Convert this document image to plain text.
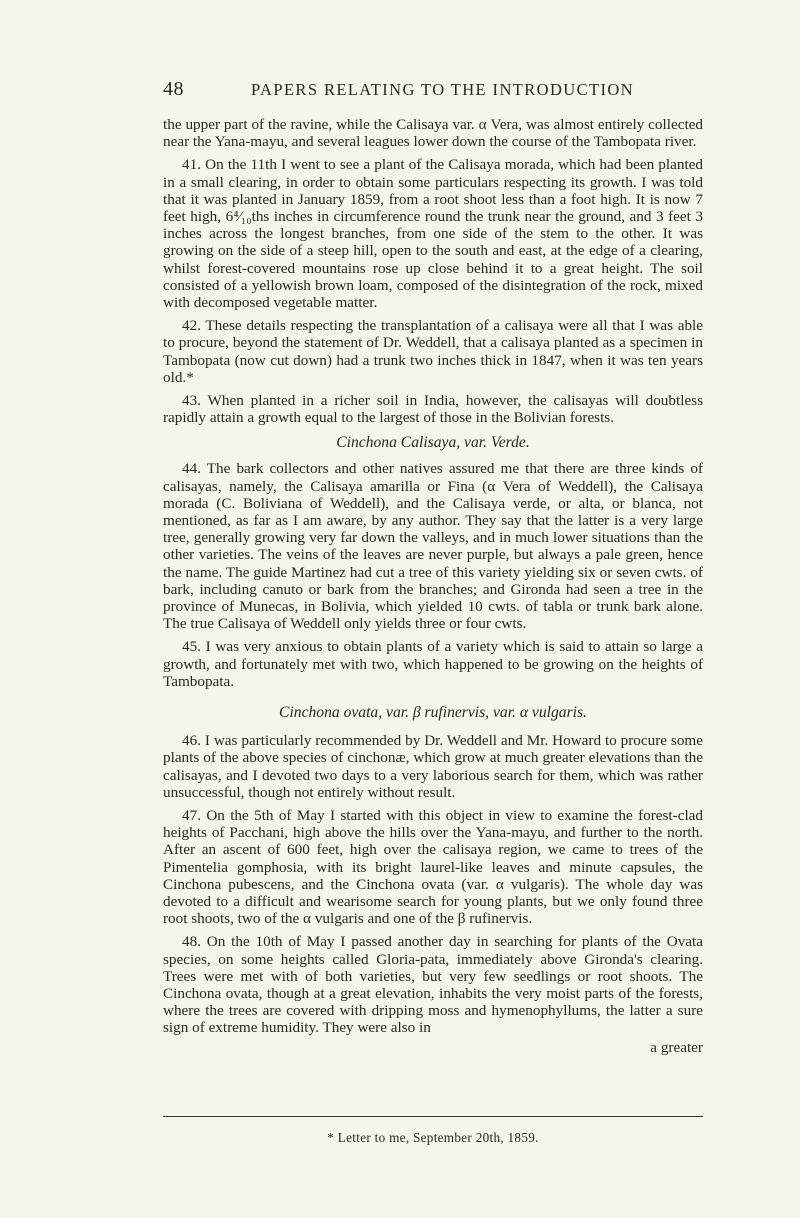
48	PAPERS RELATING TO THE INTRODUCTION

the upper part of the ravine, while the Calisaya var. α Vera, was almost entirely collected near the Yana-mayu, and several leagues lower down the course of the Tambopata river.

41. On the 11th I went to see a plant of the Calisaya morada, which had been planted in a small clearing, in order to obtain some particulars respecting its growth. I was told that it was planted in January 1859, from a root shoot less than a foot high. It is now 7 feet high, 6⁴⁄₁₀ths inches in circumference round the trunk near the ground, and 3 feet 3 inches across the longest branches, from one side of the stem to the other. It was growing on the side of a steep hill, open to the south and east, at the edge of a clearing, whilst forest-covered mountains rose up close behind it to a great height. The soil consisted of a yellowish brown loam, composed of the disintegration of the rock, mixed with decomposed vegetable matter.

42. These details respecting the transplantation of a calisaya were all that I was able to procure, beyond the statement of Dr. Weddell, that a calisaya planted as a specimen in Tambopata (now cut down) had a trunk two inches thick in 1847, when it was ten years old.*

43. When planted in a richer soil in India, however, the calisayas will doubtless rapidly attain a growth equal to the largest of those in the Bolivian forests.

Cinchona Calisaya, var. Verde.

44. The bark collectors and other natives assured me that there are three kinds of calisayas, namely, the Calisaya amarilla or Fina (α Vera of Weddell), the Calisaya morada (C. Boliviana of Weddell), and the Calisaya verde, or alta, or blanca, not mentioned, as far as I am aware, by any author. They say that the latter is a very large tree, generally growing very far down the valleys, and in much lower situations than the other varieties. The veins of the leaves are never purple, but always a pale green, hence the name. The guide Martinez had cut a tree of this variety yielding six or seven cwts. of bark, including canuto or bark from the branches; and Gironda had seen a tree in the province of Munecas, in Bolivia, which yielded 10 cwts. of tabla or trunk bark alone. The true Calisaya of Weddell only yields three or four cwts.

45. I was very anxious to obtain plants of a variety which is said to attain so large a growth, and fortunately met with two, which happened to be growing on the heights of Tambopata.

Cinchona ovata, var. β rufinervis, var. α vulgaris.

46. I was particularly recommended by Dr. Weddell and Mr. Howard to procure some plants of the above species of cinchonæ, which grow at much greater elevations than the calisayas, and I devoted two days to a very laborious search for them, which was rather unsuccessful, though not entirely without result.

47. On the 5th of May I started with this object in view to examine the forest-clad heights of Pacchani, high above the hills over the Yana-mayu, and further to the north. After an ascent of 600 feet, high over the calisaya region, we came to trees of the Pimentelia gomphosia, with its bright laurel-like leaves and minute capsules, the Cinchona pubescens, and the Cinchona ovata (var. α vulgaris). The whole day was devoted to a difficult and wearisome search for young plants, but we only found three root shoots, two of the α vulgaris and one of the β rufinervis.

48. On the 10th of May I passed another day in searching for plants of the Ovata species, on some heights called Gloria-pata, immediately above Gironda's clearing. Trees were met with of both varieties, but very few seedlings or root shoots. The Cinchona ovata, though at a great elevation, inhabits the very moist parts of the forests, where the trees are covered with dripping moss and hymenophyllums, the latter a sure sign of extreme humidity. They were also in

a greater
* Letter to me, September 20th, 1859.
